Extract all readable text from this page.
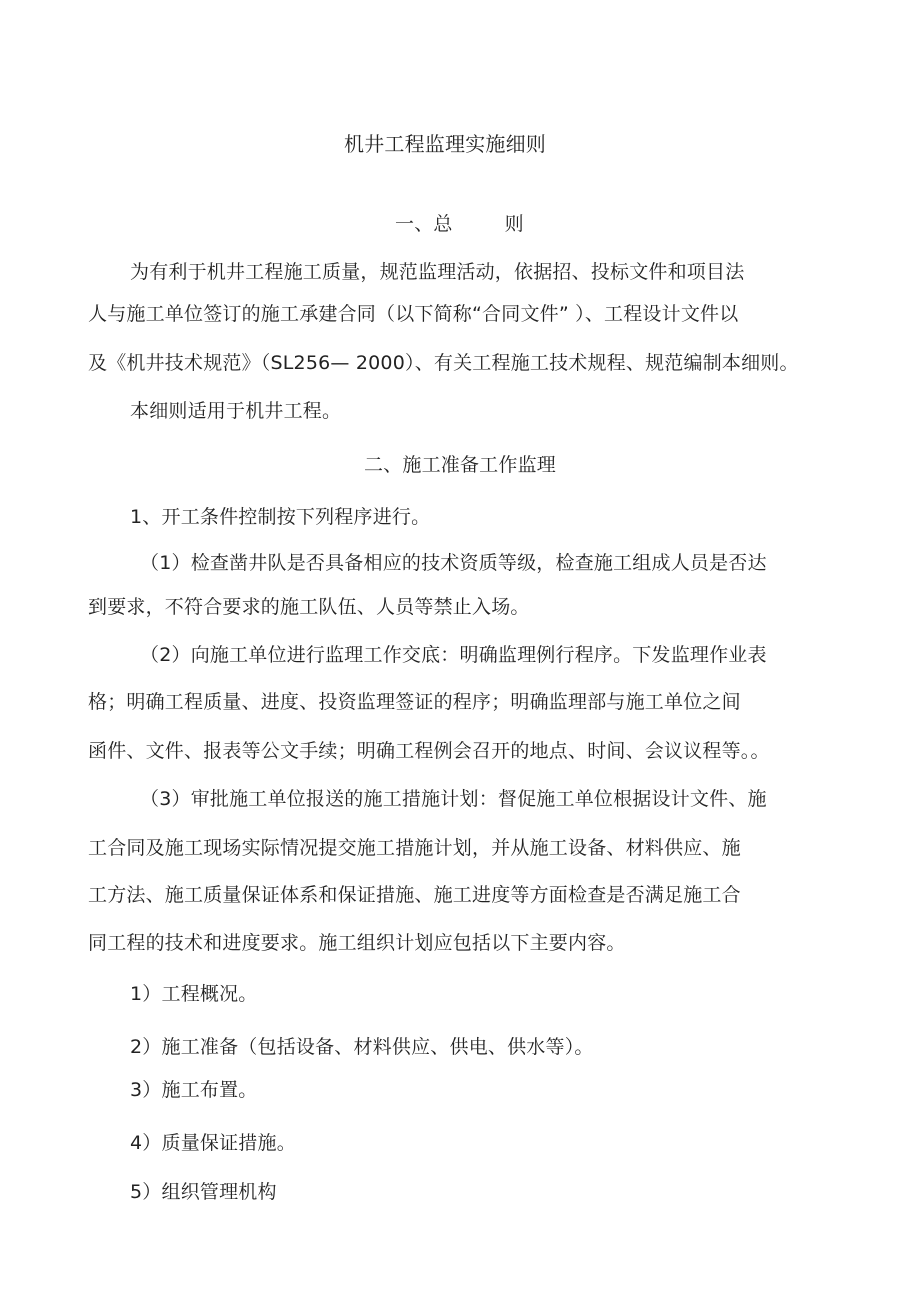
机井工程监理实施细则
一、总	则
为有利于机井工程施工质量，规范监理活动，依据招、投标文件和项目法
人与施工单位签订的施工承建合同（以下简称“合同文件” ）、工程设计文件以
及《机井技术规范》（SL256— 2000）、有关工程施工技术规程、规范编制本细则。
本细则适用于机井工程。
二、施工准备工作监理
1、开工条件控制按下列程序进行。
（1）检查凿井队是否具备相应的技术资质等级，检查施工组成人员是否达
到要求，不符合要求的施工队伍、人员等禁止入场。
（2）向施工单位进行监理工作交底：明确监理例行程序。下发监理作业表
格；明确工程质量、进度、投资监理签证的程序；明确监理部与施工单位之间
函件、文件、报表等公文手续；明确工程例会召开的地点、时间、会议议程等。。
（3）审批施工单位报送的施工措施计划：督促施工单位根据设计文件、施
工合同及施工现场实际情况提交施工措施计划，并从施工设备、材料供应、施
工方法、施工质量保证体系和保证措施、施工进度等方面检查是否满足施工合
同工程的技术和进度要求。施工组织计划应包括以下主要内容。
1）工程概况。
2）施工准备（包括设备、材料供应、供电、供水等）。
3）施工布置。
4）质量保证措施。
5）组织管理机构
